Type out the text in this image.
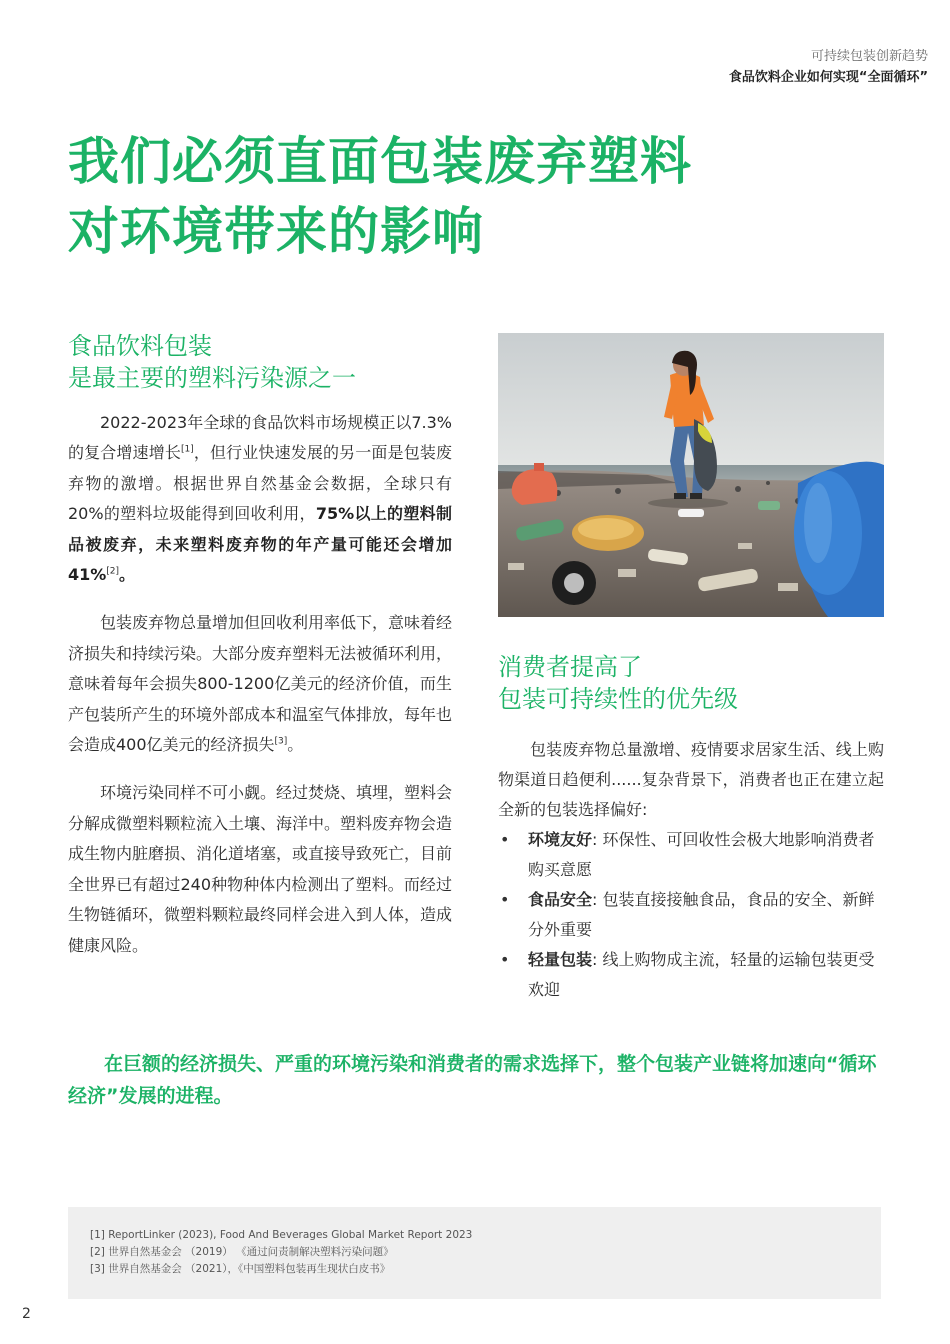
可持续包装创新趋势
食品饮料企业如何实现“全面循环”
我们必须直面包装废弃塑料
对环境带来的影响
食品饮料包装
是最主要的塑料污染源之一

2022-2023年全球的食品饮料市场规模正以7.3%的复合增速增长[1]，但行业快速发展的另一面是包装废弃物的激增。根据世界自然基金会数据，全球只有20%的塑料垃圾能得到回收利用，75%以上的塑料制品被废弃，未来塑料废弃物的年产量可能还会增加 41%[2]。

包装废弃物总量增加但回收利用率低下，意味着经济损失和持续污染。大部分废弃塑料无法被循环利用，意味着每年会损失800-1200亿美元的经济价值，而生产包装所产生的环境外部成本和温室气体排放，每年也会造成400亿美元的经济损失[3]。

环境污染同样不可小觑。经过焚烧、填埋，塑料会分解成微塑料颗粒流入土壤、海洋中。塑料废弃物会造成生物内脏磨损、消化道堵塞，或直接导致死亡，目前全世界已有超过240种物种体内检测出了塑料。而经过生物链循环，微塑料颗粒最终同样会进入到人体，造成健康风险。

消费者提高了
包装可持续性的优先级

包装废弃物总量激增、疫情要求居家生活、线上购物渠道日趋便利......复杂背景下，消费者也正在建立起全新的包装选择偏好:

• 环境友好: 环保性、可回收性会极大地影响消费者购买意愿
• 食品安全: 包装直接接触食品，食品的安全、新鲜分外重要
• 轻量包装: 线上购物成主流，轻量的运输包装更受欢迎

在巨额的经济损失、严重的环境污染和消费者的需求选择下，整个包装产业链将加速向“循环经济”发展的进程。

[1] ReportLinker (2023), Food And Beverages Global Market Report 2023
[2] 世界自然基金会 （2019） 《通过问责制解决塑料污染问题》
[3] 世界自然基金会 （2021），《中国塑料包装再生现状白皮书》
2
